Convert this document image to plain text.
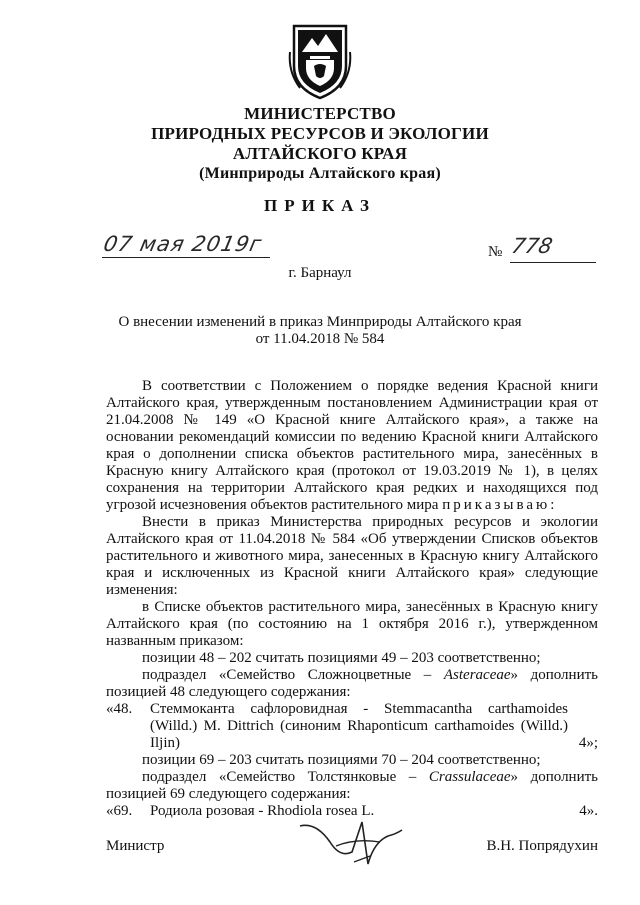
МИНИСТЕРСТВО
ПРИРОДНЫХ РЕСУРСОВ И ЭКОЛОГИИ
АЛТАЙСКОГО КРАЯ
(Минприроды Алтайского края)
ПРИКАЗ
07 мая 2019г	№ 778
г. Барнаул
О внесении изменений в приказ Минприроды Алтайского края
от 11.04.2018 № 584

В соответствии с Положением о порядке ведения Красной книги Алтайского края, утвержденным постановлением Администрации края от 21.04.2008 № 149 «О Красной книге Алтайского края», а также на основании рекомендаций комиссии по ведению Красной книги Алтайского края о дополнении списка объектов растительного мира, занесённых в Красную книгу Алтайского края (протокол от 19.03.2019 № 1), в целях сохранения на территории Алтайского края редких и находящихся под угрозой исчезновения объектов растительного мира приказываю:

Внести в приказ Министерства природных ресурсов и экологии Алтайского края от 11.04.2018 № 584 «Об утверждении Списков объектов растительного и животного мира, занесенных в Красную книгу Алтайского края и исключенных из Красной книги Алтайского края» следующие изменения:

в Списке объектов растительного мира, занесённых в Красную книгу Алтайского края (по состоянию на 1 октября 2016 г.), утвержденном названным приказом:

позиции 48 – 202 считать позициями 49 – 203 соответственно;

подраздел «Семейство Сложноцветные – Asteraceae» дополнить позицией 48 следующего содержания:

«48.	Стеммоканта сафлоровидная - Stemmacantha carthamoides (Willd.) M. Dittrich (синоним Rhaponticum carthamoides (Willd.) Iljin)	4»;

позиции 69 – 203 считать позициями 70 – 204 соответственно;

подраздел «Семейство Толстянковые – Crassulaceae» дополнить позицией 69 следующего содержания:

«69.	Родиола розовая - Rhodiola rosea L.	4».
Министр	В.Н. Попрядухин
